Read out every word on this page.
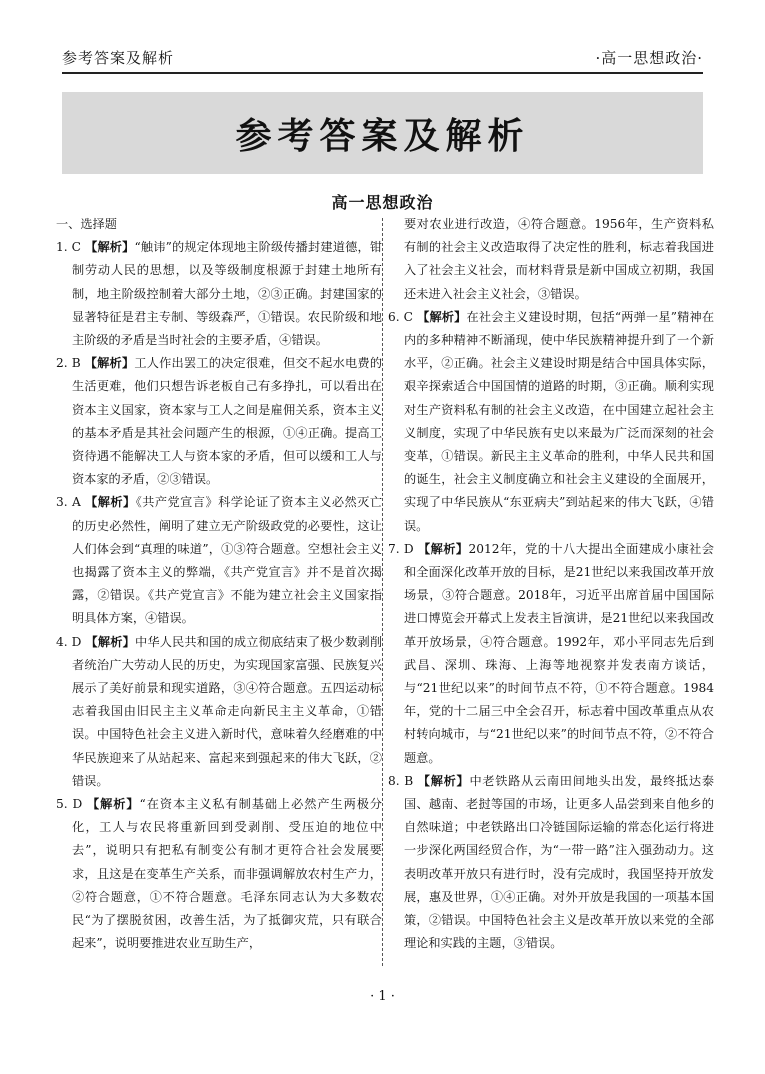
参考答案及解析	·高一思想政治·
参考答案及解析
高一思想政治

一、选择题

1. C 【解析】“触讳”的规定体现地主阶级传播封建道德，钳制劳动人民的思想，以及等级制度根源于封建土地所有制，地主阶级控制着大部分土地，②③正确。封建国家的显著特征是君主专制、等级森严，①错误。农民阶级和地主阶级的矛盾是当时社会的主要矛盾，④错误。

2. B 【解析】工人作出罢工的决定很难，但交不起水电费的生活更难，他们只想告诉老板自己有多挣扎，可以看出在资本主义国家，资本家与工人之间是雇佣关系，资本主义的基本矛盾是其社会问题产生的根源，①④正确。提高工资待遇不能解决工人与资本家的矛盾，但可以缓和工人与资本家的矛盾，②③错误。

3. A 【解析】《共产党宣言》科学论证了资本主义必然灭亡的历史必然性，阐明了建立无产阶级政党的必要性，这让人们体会到“真理的味道”，①③符合题意。空想社会主义也揭露了资本主义的弊端，《共产党宣言》并不是首次揭露，②错误。《共产党宣言》不能为建立社会主义国家指明具体方案，④错误。

4. D 【解析】中华人民共和国的成立彻底结束了极少数剥削者统治广大劳动人民的历史，为实现国家富强、民族复兴展示了美好前景和现实道路，③④符合题意。五四运动标志着我国由旧民主主义革命走向新民主主义革命，①错误。中国特色社会主义进入新时代，意味着久经磨难的中华民族迎来了从站起来、富起来到强起来的伟大飞跃，②错误。

5. D 【解析】“在资本主义私有制基础上必然产生两极分化，工人与农民将重新回到受剥削、受压迫的地位中去”，说明只有把私有制变公有制才更符合社会发展要求，且这是在变革生产关系，而非强调解放农村生产力，②符合题意，①不符合题意。毛泽东同志认为大多数农民“为了摆脱贫困，改善生活，为了抵御灾荒，只有联合起来”，说明要推进农业互助生产，

要对农业进行改造，④符合题意。1956年，生产资料私有制的社会主义改造取得了决定性的胜利，标志着我国进入了社会主义社会，而材料背景是新中国成立初期，我国还未进入社会主义社会，③错误。

6. C 【解析】在社会主义建设时期，包括“两弹一星”精神在内的多种精神不断涌现，使中华民族精神提升到了一个新水平，②正确。社会主义建设时期是结合中国具体实际，艰辛探索适合中国国情的道路的时期，③正确。顺利实现对生产资料私有制的社会主义改造，在中国建立起社会主义制度，实现了中华民族有史以来最为广泛而深刻的社会变革，①错误。新民主主义革命的胜利，中华人民共和国的诞生，社会主义制度确立和社会主义建设的全面展开，实现了中华民族从“东亚病夫”到站起来的伟大飞跃，④错误。

7. D 【解析】2012年，党的十八大提出全面建成小康社会和全面深化改革开放的目标，是21世纪以来我国改革开放场景，③符合题意。2018年，习近平出席首届中国国际进口博览会开幕式上发表主旨演讲，是21世纪以来我国改革开放场景，④符合题意。1992年，邓小平同志先后到武昌、深圳、珠海、上海等地视察并发表南方谈话，与“21世纪以来”的时间节点不符，①不符合题意。1984年，党的十二届三中全会召开，标志着中国改革重点从农村转向城市，与“21世纪以来”的时间节点不符，②不符合题意。

8. B 【解析】中老铁路从云南田间地头出发，最终抵达泰国、越南、老挝等国的市场，让更多人品尝到来自他乡的自然味道；中老铁路出口冷链国际运输的常态化运行将进一步深化两国经贸合作，为“一带一路”注入强劲动力。这表明改革开放只有进行时，没有完成时，我国坚持开放发展，惠及世界，①④正确。对外开放是我国的一项基本国策，②错误。中国特色社会主义是改革开放以来党的全部理论和实践的主题，③错误。

· 1 ·
